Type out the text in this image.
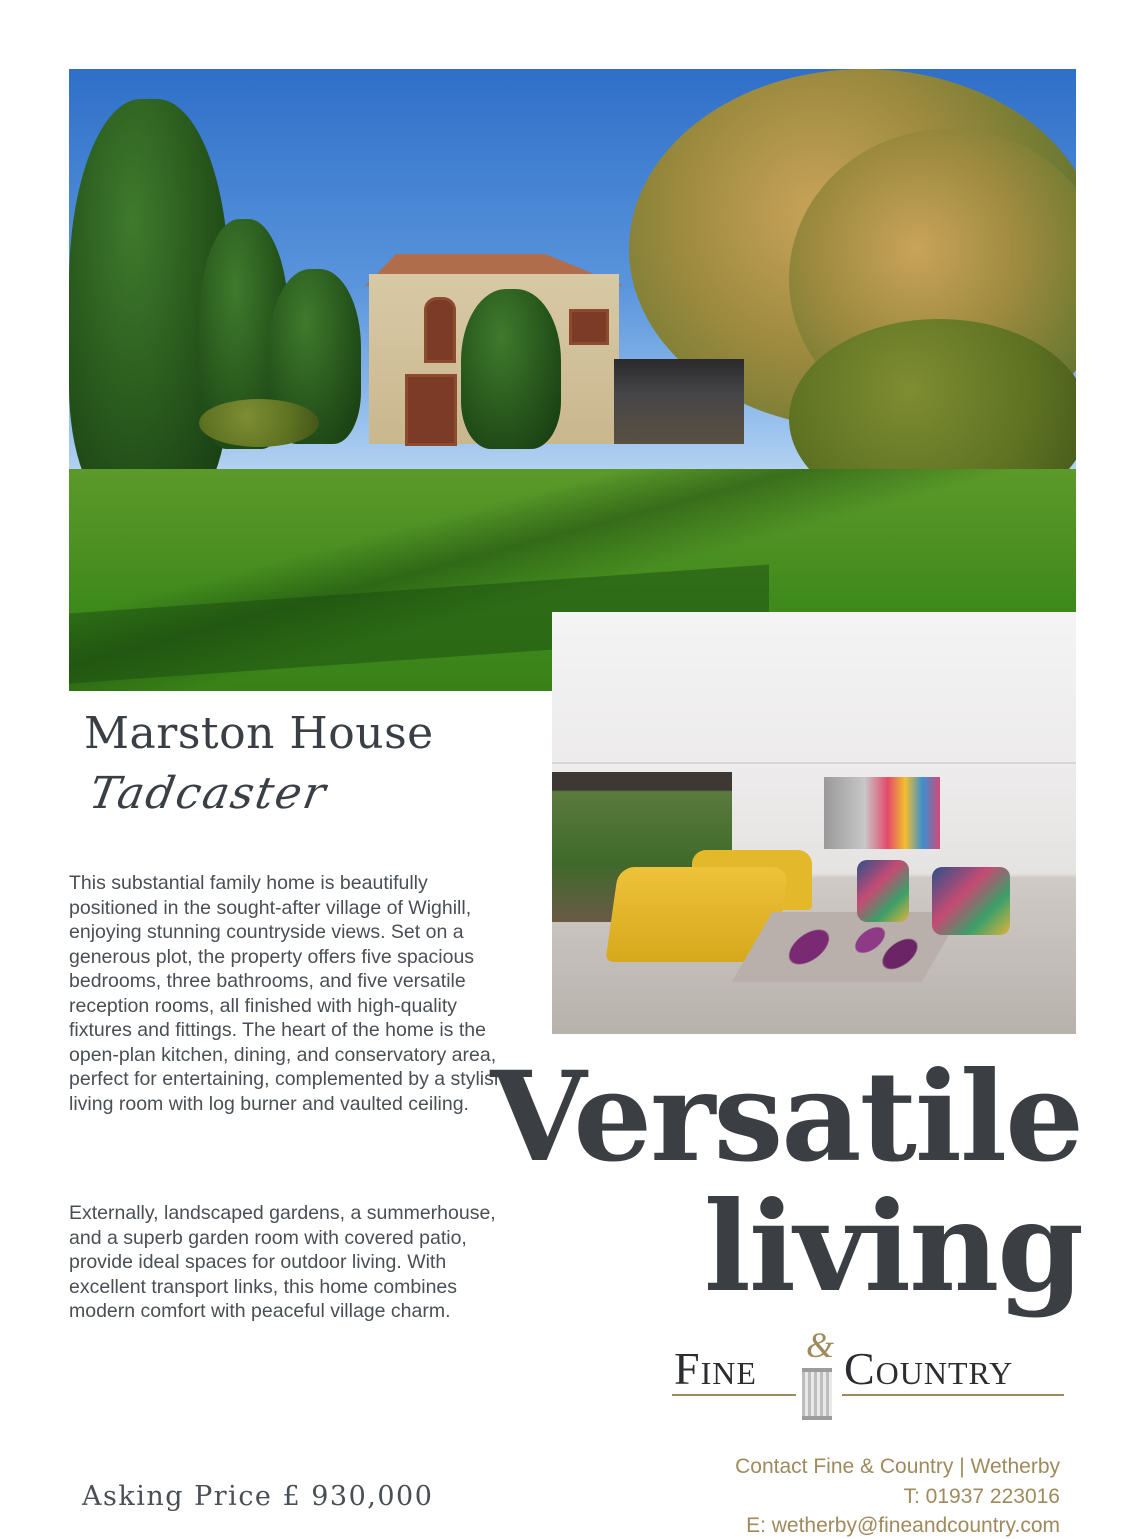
Marston House
Tadcaster
This substantial family home is beautifully positioned in the sought-after village of Wighill, enjoying stunning countryside views. Set on a generous plot, the property offers five spacious bedrooms, three bathrooms, and five versatile reception rooms, all finished with high-quality fixtures and fittings. The heart of the home is the open-plan kitchen, dining, and conservatory area, perfect for entertaining, complemented by a stylish living room with log burner and vaulted ceiling.
Externally, landscaped gardens, a summerhouse, and a superb garden room with covered patio, provide ideal spaces for outdoor living. With excellent transport links, this home combines modern comfort with peaceful village charm.
Versatile
living
Fine & Country
Asking Price £ 930,000
Contact Fine & Country | Wetherby
T: 01937 223016
E: wetherby@fineandcountry.com
